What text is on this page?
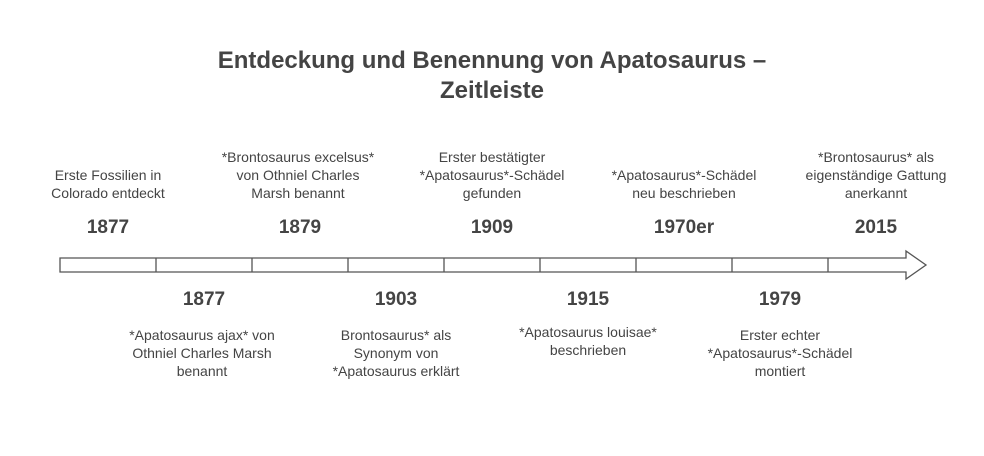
Entdeckung und Benennung von Apatosaurus –
Zeitleiste
Erste Fossilien in Colorado entdeckt
1877
*Brontosaurus excelsus* von Othniel Charles Marsh benannt
1879
Erster bestätigter *Apatosaurus*-Schädel gefunden
1909
*Apatosaurus*-Schädel neu beschrieben
1970er
*Brontosaurus* als eigenständige Gattung anerkannt
2015
1877
*Apatosaurus ajax* von Othniel Charles Marsh benannt
1903
Brontosaurus* als Synonym von *Apatosaurus erklärt
1915
*Apatosaurus louisae* beschrieben
1979
Erster echter *Apatosaurus*-Schädel montiert
